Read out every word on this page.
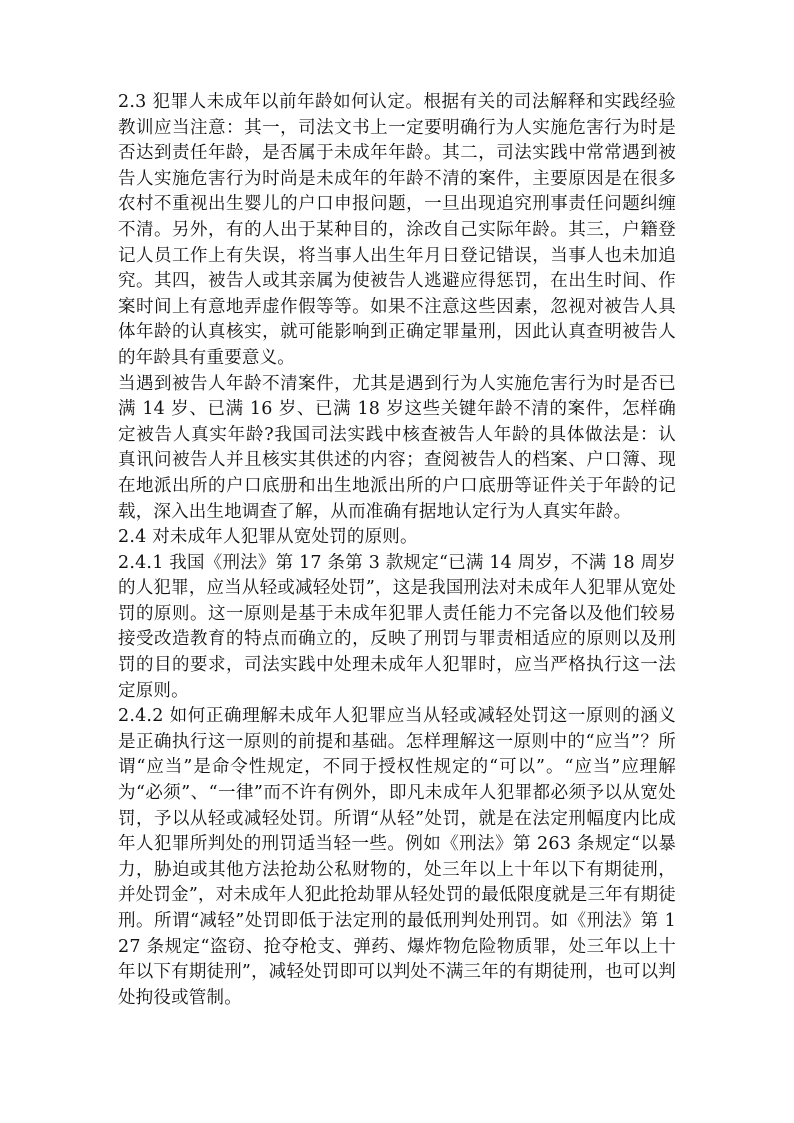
2.3 犯罪人未成年以前年龄如何认定。根据有关的司法解释和实践经验教训应当注意：其一，司法文书上一定要明确行为人实施危害行为时是否达到责任年龄，是否属于未成年年龄。其二，司法实践中常常遇到被告人实施危害行为时尚是未成年的年龄不清的案件，主要原因是在很多农村不重视出生婴儿的户口申报问题，一旦出现追究刑事责任问题纠缠不清。另外，有的人出于某种目的，涂改自己实际年龄。其三，户籍登记人员工作上有失误，将当事人出生年月日登记错误，当事人也未加追究。其四，被告人或其亲属为使被告人逃避应得惩罚，在出生时间、作案时间上有意地弄虚作假等等。如果不注意这些因素，忽视对被告人具体年龄的认真核实，就可能影响到正确定罪量刑，因此认真查明被告人的年龄具有重要意义。

当遇到被告人年龄不清案件，尤其是遇到行为人实施危害行为时是否已满 14 岁、已满 16 岁、已满 18 岁这些关键年龄不清的案件，怎样确定被告人真实年龄?我国司法实践中核查被告人年龄的具体做法是：认真讯问被告人并且核实其供述的内容；查阅被告人的档案、户口簿、现在地派出所的户口底册和出生地派出所的户口底册等证件关于年龄的记载，深入出生地调查了解，从而准确有据地认定行为人真实年龄。

2.4 对未成年人犯罪从宽处罚的原则。

2.4.1 我国《刑法》第 17 条第 3 款规定“已满 14 周岁，不满 18 周岁的人犯罪，应当从轻或减轻处罚”，这是我国刑法对未成年人犯罪从宽处罚的原则。这一原则是基于未成年犯罪人责任能力不完备以及他们较易接受改造教育的特点而确立的，反映了刑罚与罪责相适应的原则以及刑罚的目的要求，司法实践中处理未成年人犯罪时，应当严格执行这一法定原则。

2.4.2 如何正确理解未成年人犯罪应当从轻或减轻处罚这一原则的涵义是正确执行这一原则的前提和基础。怎样理解这一原则中的“应当”？所谓“应当”是命令性规定，不同于授权性规定的“可以”。“应当”应理解为“必须”、“一律”而不许有例外，即凡未成年人犯罪都必须予以从宽处罚，予以从轻或减轻处罚。所谓“从轻”处罚，就是在法定刑幅度内比成年人犯罪所判处的刑罚适当轻一些。例如《刑法》第 263 条规定“以暴力，胁迫或其他方法抢劫公私财物的，处三年以上十年以下有期徒刑，并处罚金”，对未成年人犯此抢劫罪从轻处罚的最低限度就是三年有期徒刑。所谓“减轻”处罚即低于法定刑的最低刑判处刑罚。如《刑法》第 127 条规定“盗窃、抢夺枪支、弹药、爆炸物危险物质罪，处三年以上十年以下有期徒刑”，减轻处罚即可以判处不满三年的有期徒刑，也可以判处拘役或管制。
